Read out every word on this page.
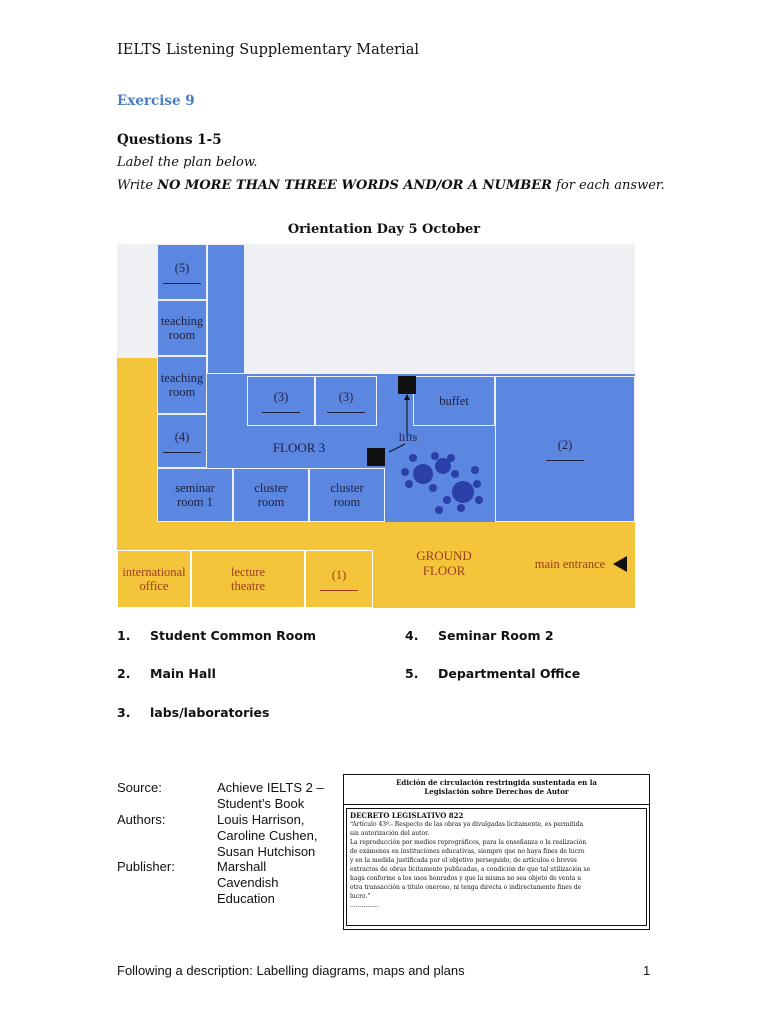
IELTS Listening Supplementary Material
Exercise 9
Questions 1-5
Label the plan below.
Write NO MORE THAN THREE WORDS AND/OR A NUMBER for each answer.
Orientation Day 5 October
(5)
teaching
room
teaching
room
(4)
seminar
room 1
cluster
room
cluster
room
(3)	(3)	buffet
(2)
FLOOR 3
lifts
international
office
lecture
theatre
(1)
GROUND
FLOOR	main entrance
1. Student Common Room
2. Main Hall
3. labs/laboratories
4. Seminar Room 2
5. Departmental Office
Source:	Achieve IELTS 2 –
Student’s Book
Authors:	Louis Harrison,
Caroline Cushen,
Susan Hutchison
Publisher:	Marshall
Cavendish
Education
Edición de circulación restringida sustentada en la
Legislación sobre Derechos de Autor
DECRETO LEGISLATIVO 822
“Artículo 43º.- Respecto de las obras ya divulgadas lícitamente, es permitida
sin autorización del autor.
La reproducción por medios reprográficos, para la enseñanza o la realización
de exámenes en instituciones educativas, siempre que no haya fines de lucro
y en la medida justificada por el objetivo perseguido, de artículos o breves
extractos de obras lícitamente publicadas, a condición de que tal utilización se
haga conforme a los usos honrados y que la misma no sea objeto de venta u
otra transacción a título oneroso, ni tenga directa o indirectamente fines de
lucro.”
...............
Following a description: Labelling diagrams, maps and plans	1
